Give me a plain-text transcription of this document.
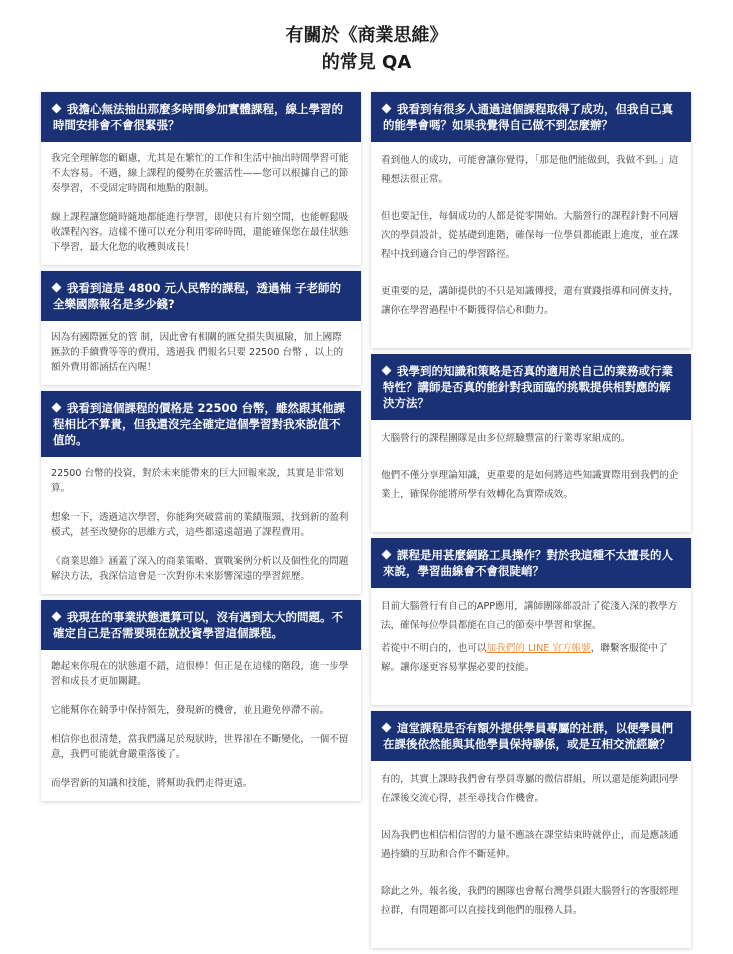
有關於《商業思維》
的常見 QA
我擔心無法抽出那麼多時間參加實體課程，線上學習的時間安排會不會很緊張？

我完全理解您的顧慮，尤其是在繁忙的工作和生活中抽出時間學習可能不太容易。不過，線上課程的優勢在於靈活性——您可以根據自己的節奏學習，不受固定時間和地點的限制。

線上課程讓您隨時隨地都能進行學習，即使只有片刻空閒，也能輕鬆吸收課程內容。這樣不僅可以充分利用零碎時間，還能確保您在最佳狀態下學習，最大化您的收穫與成長！

我看到這是 4800 元人民幣的課程，透過柚 子老師的全樂國際報名是多少錢?

因為有國際匯兌的管 制，因此會有相關的匯兌損失與風險，加上國際匯款的手續費等等的費用，透過我 們報名只要 22500 台幣 ，以上的額外費用都涵括在內喔！

我看到這個課程的價格是 22500 台幣，雖然跟其他課程相比不算貴，但我還沒完全確定這個學習對我來說值不值的。

22500 台幣的投資，對於未來能帶來的巨大回報來說，其實是非常划算。

想象一下，透過這次學習，你能夠突破當前的業績瓶頸，找到新的盈利模式，甚至改變你的思維方式，這些都遠遠超過了課程費用。

《商業思維》涵蓋了深入的商業策略、實戰案例分析以及個性化的問題解決方法，我深信這會是一次對你未來影響深遠的學習經歷。

我現在的事業狀態還算可以，沒有遇到太大的問題。不確定自己是否需要現在就投資學習這個課程。

聽起來你現在的狀態還不錯，這很棒！但正是在這樣的階段，進一步學習和成長才更加關鍵。

它能幫你在競爭中保持領先，發現新的機會，並且避免停滯不前。

相信你也很清楚，當我們滿足於現狀時，世界卻在不斷變化，一個不留意，我們可能就會嚴重落後了。

而學習新的知識和技能，將幫助我們走得更遠。

我看到有很多人通過這個課程取得了成功，但我自己真的能學會嗎？如果我覺得自己做不到怎麼辦？

看到他人的成功，可能會讓你覺得，「那是他們能做到，我做不到。」這種想法很正常。

但也要記住，每個成功的人都是從零開始。大腦營行的課程針對不同層次的學員設計，從基礎到進階，確保每一位學員都能跟上進度，並在課程中找到適合自己的學習路徑。

更重要的是，講師提供的不只是知識傳授，還有實踐指導和同儕支持，讓你在學習過程中不斷獲得信心和動力。

我學到的知識和策略是否真的適用於自己的業務或行業特性？講師是否真的能針對我面臨的挑戰提供相對應的解決方法？

大腦營行的課程團隊是由多位經驗豐富的行業專家組成的。

他們不僅分享理論知識，更重要的是如何將這些知識實際用到我們的企業上，確保你能將所學有效轉化為實際成效。

課程是用甚麼網路工具操作？對於我這種不太擅長的人來說，學習曲線會不會很陡峭？

目前大腦營行有自己的APP應用，講師團隊都設計了從淺入深的教學方法，確保每位學員都能在自己的節奏中學習和掌握。

若從中不明白的，也可以加我們的 LINE 官方帳號，聯繫客服從中了解。讓你逐更容易掌握必要的技能。

這堂課程是否有額外提供學員專屬的社群，以便學員們在課後依然能與其他學員保持聯係，或是互相交流經驗？

有的，其實上課時我們會有學員專屬的微信群組，所以還是能夠跟同學在課後交流心得，甚至尋找合作機會。

因為我們也相信相信習的力量不應該在課堂結束時就停止，而是應該通過持續的互助和合作不斷延伸。

除此之外，報名後，我們的團隊也會幫台灣學員跟大腦營行的客服經理拉群，有問題都可以直接找到他們的服務人員。
